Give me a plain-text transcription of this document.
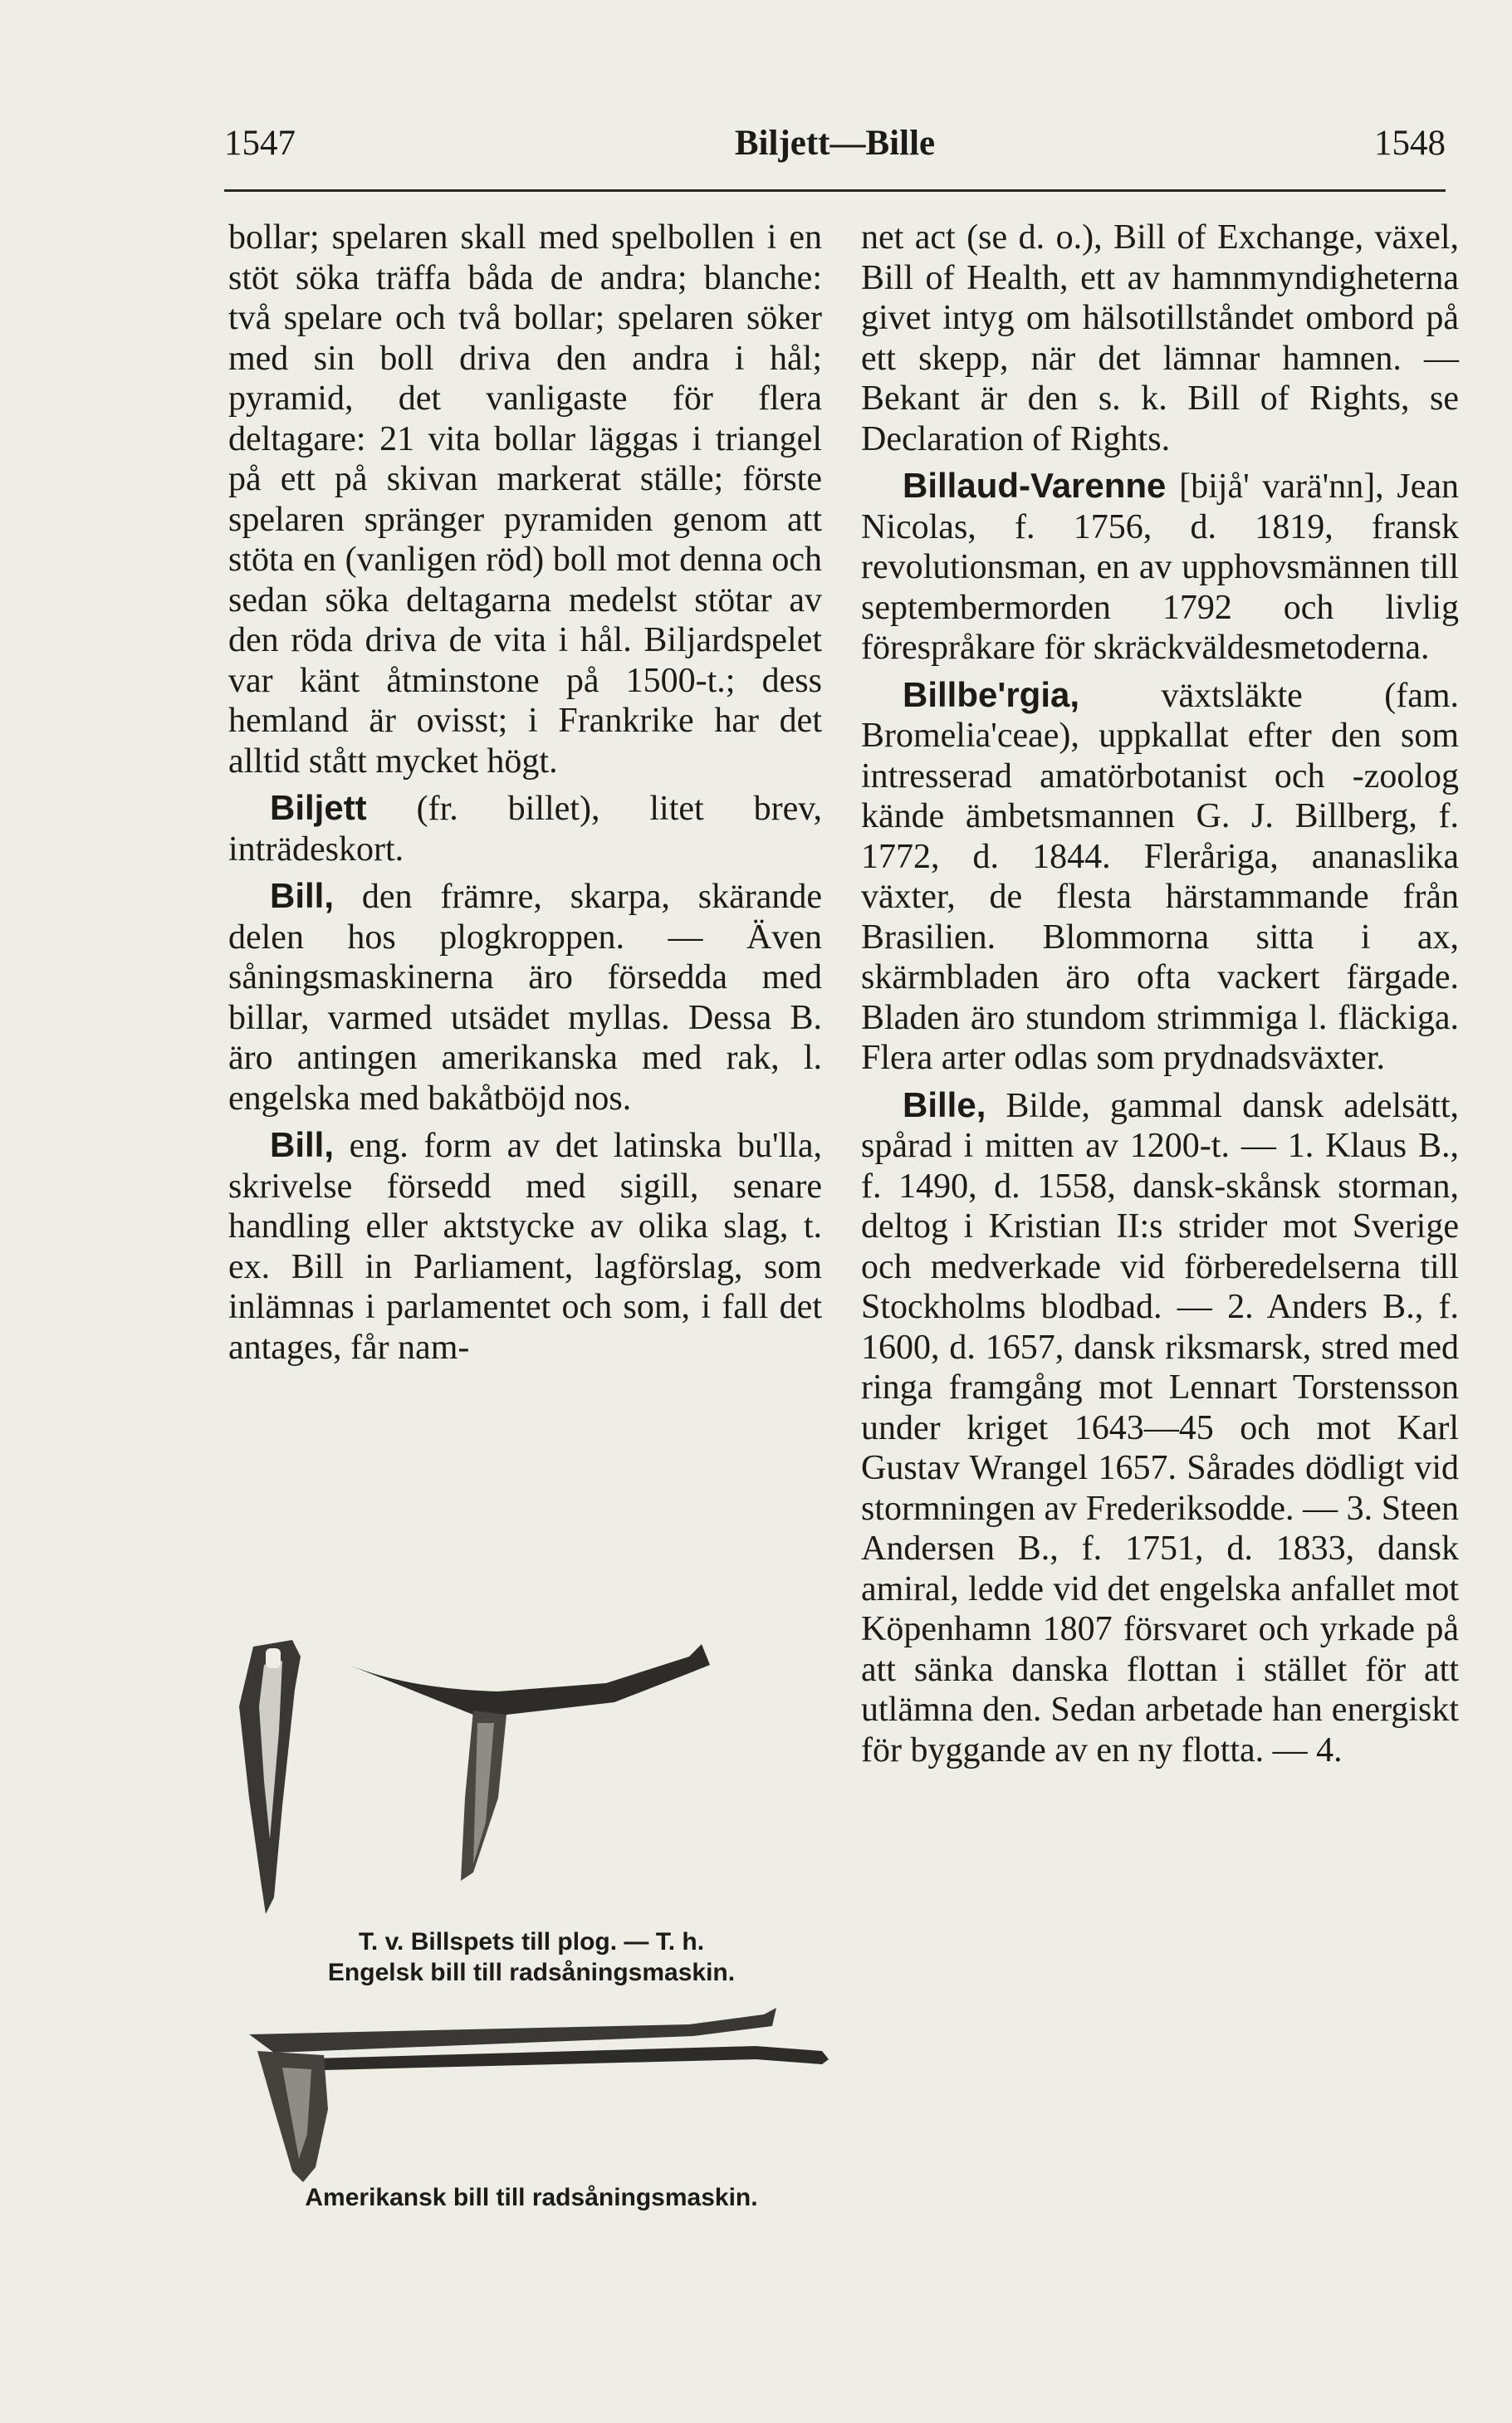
1547	Biljett—Bille	1548

bollar; spelaren skall med spelbollen i en stöt söka träffa båda de andra; blanche: två spelare och två bollar; spelaren söker med sin boll driva den andra i hål; pyramid, det vanligaste för flera deltagare: 21 vita bollar läggas i triangel på ett på skivan markerat ställe; förste spelaren spränger pyramiden genom att stöta en (vanligen röd) boll mot denna och sedan söka deltagarna medelst stötar av den röda driva de vita i hål. Biljardspelet var känt åtminstone på 1500-t.; dess hemland är ovisst; i Frankrike har det alltid stått mycket högt.

Biljett (fr. billet), litet brev, inträdeskort.

Bill, den främre, skarpa, skärande delen hos plogkroppen. — Även såningsmaskinerna äro försedda med billar, varmed utsädet myllas. Dessa B. äro antingen amerikanska med rak, l. engelska med bakåtböjd nos.

Bill, eng. form av det latinska bu'lla, skrivelse försedd med sigill, senare handling eller aktstycke av olika slag, t. ex. Bill in Parliament, lagförslag, som inlämnas i parlamentet och som, i fall det antages, får nam-

T. v. Billspets till plog. — T. h.
Engelsk bill till radsåningsmaskin.
Amerikansk bill till radsåningsmaskin.

net act (se d. o.), Bill of Exchange, växel, Bill of Health, ett av hamnmyndigheterna givet intyg om hälsotillståndet ombord på ett skepp, när det lämnar hamnen. — Bekant är den s. k. Bill of Rights, se Declaration of Rights.

Billaud-Varenne [bijå' varä'nn], Jean Nicolas, f. 1756, d. 1819, fransk revolutionsman, en av upphovsmännen till septembermorden 1792 och livlig förespråkare för skräckväldesmetoderna.

Billbe'rgia, växtsläkte (fam. Bromelia'ceae), uppkallat efter den som intresserad amatörbotanist och -zoolog kände ämbetsmannen G. J. Billberg, f. 1772, d. 1844. Fleråriga, ananaslika växter, de flesta härstammande från Brasilien. Blommorna sitta i ax, skärmbladen äro ofta vackert färgade. Bladen äro stundom strimmiga l. fläckiga. Flera arter odlas som prydnadsväxter.

Bille, Bilde, gammal dansk adelsätt, spårad i mitten av 1200-t. — 1. Klaus B., f. 1490, d. 1558, dansk-skånsk storman, deltog i Kristian II:s strider mot Sverige och medverkade vid förberedelserna till Stockholms blodbad. — 2. Anders B., f. 1600, d. 1657, dansk riksmarsk, stred med ringa framgång mot Lennart Torstensson under kriget 1643—45 och mot Karl Gustav Wrangel 1657. Sårades dödligt vid stormningen av Frederiksodde. — 3. Steen Andersen B., f. 1751, d. 1833, dansk amiral, ledde vid det engelska anfallet mot Köpenhamn 1807 försvaret och yrkade på att sänka danska flottan i stället för att utlämna den. Sedan arbetade han energiskt för byggande av en ny flotta. — 4.
